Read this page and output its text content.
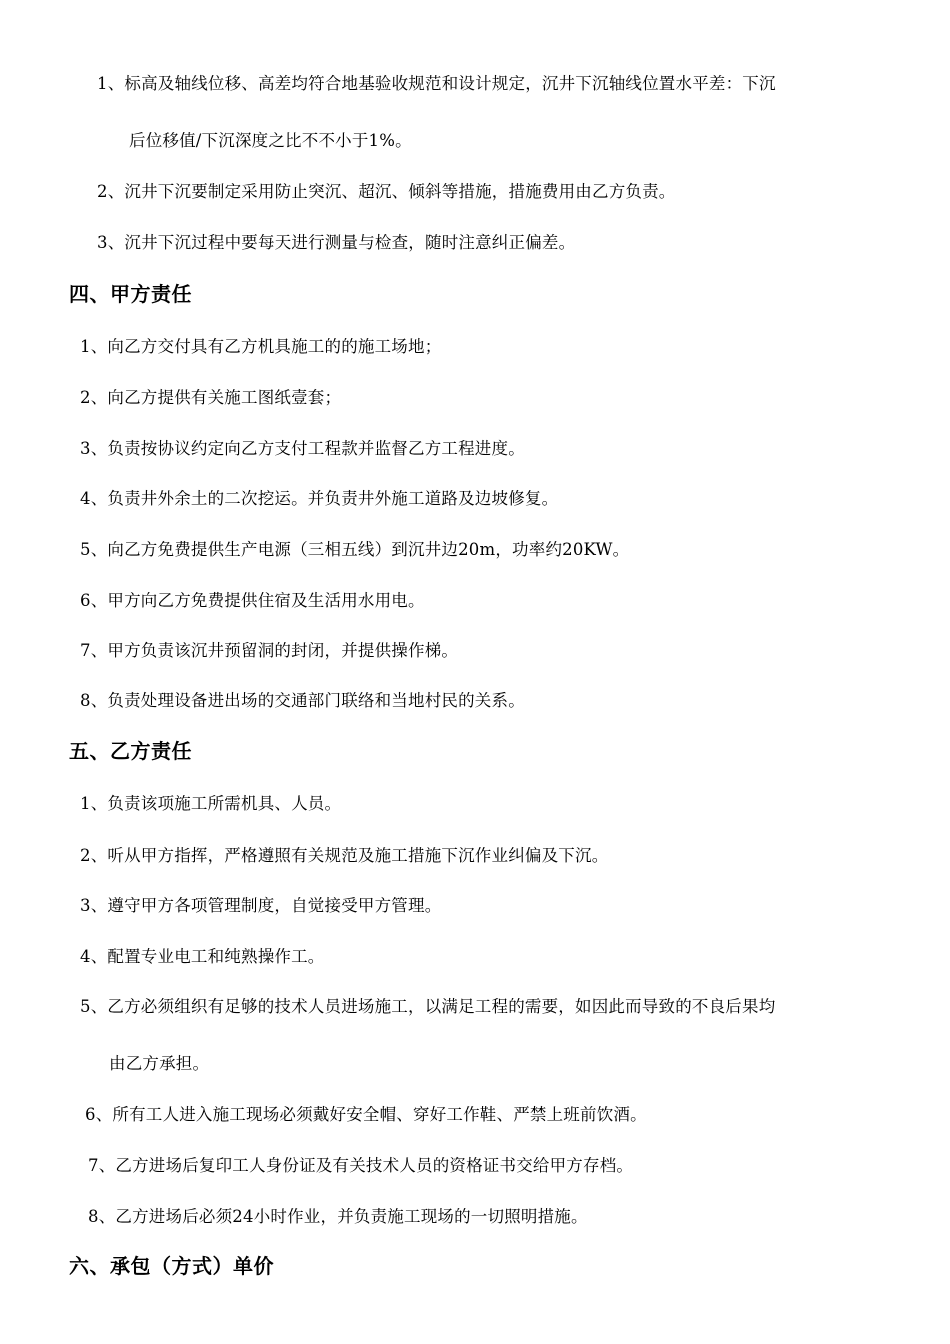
1、标高及轴线位移、高差均符合地基验收规范和设计规定，沉井下沉轴线位置水平差：下沉
后位移值/下沉深度之比不不小于1%。
2、沉井下沉要制定采用防止突沉、超沉、倾斜等措施，措施费用由乙方负责。
3、沉井下沉过程中要每天进行测量与检查，随时注意纠正偏差。
四、甲方责任
1、向乙方交付具有乙方机具施工的的施工场地；
2、向乙方提供有关施工图纸壹套；
3、负责按协议约定向乙方支付工程款并监督乙方工程进度。
4、负责井外余土的二次挖运。并负责井外施工道路及边坡修复。
5、向乙方免费提供生产电源（三相五线）到沉井边20m，功率约20KW。
6、甲方向乙方免费提供住宿及生活用水用电。
7、甲方负责该沉井预留洞的封闭，并提供操作梯。
8、负责处理设备进出场的交通部门联络和当地村民的关系。
五、乙方责任
1、负责该项施工所需机具、人员。
2、听从甲方指挥，严格遵照有关规范及施工措施下沉作业纠偏及下沉。
3、遵守甲方各项管理制度，自觉接受甲方管理。
4、配置专业电工和纯熟操作工。
5、乙方必须组织有足够的技术人员进场施工，以满足工程的需要，如因此而导致的不良后果均
由乙方承担。
6、所有工人进入施工现场必须戴好安全帽、穿好工作鞋、严禁上班前饮酒。
7、乙方进场后复印工人身份证及有关技术人员的资格证书交给甲方存档。
8、乙方进场后必须24小时作业，并负责施工现场的一切照明措施。
六、承包（方式）单价
